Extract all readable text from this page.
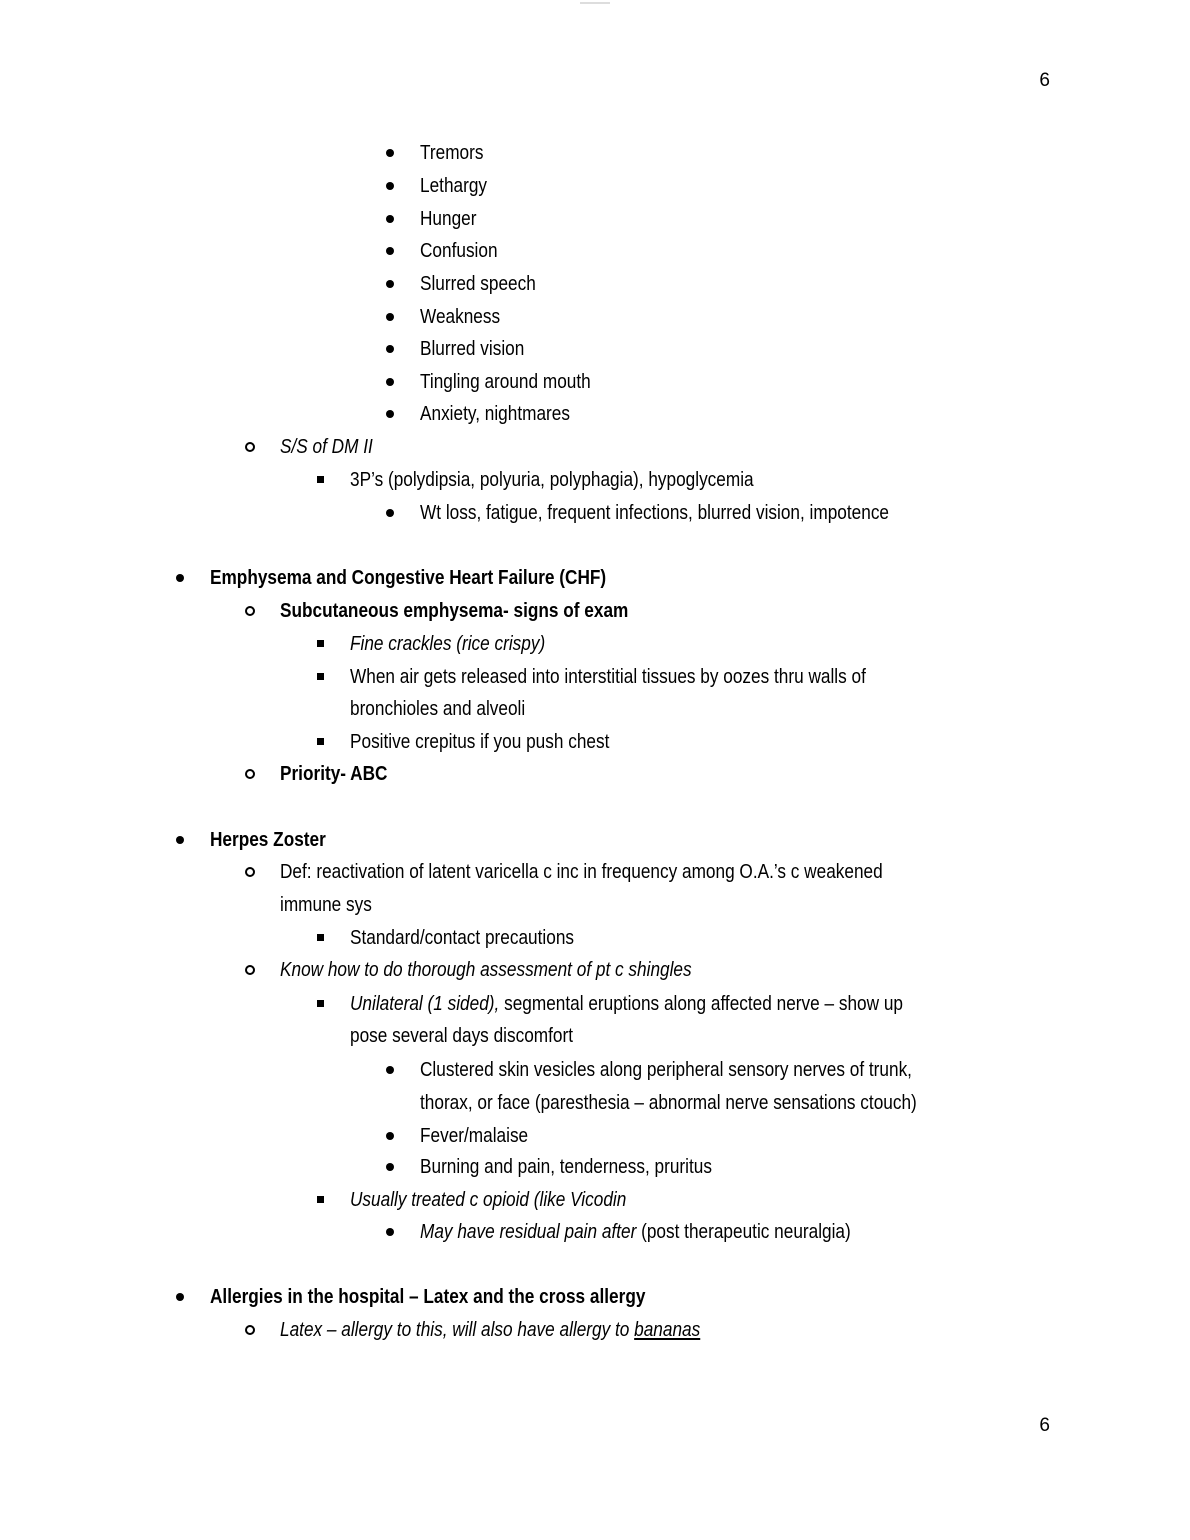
6
Tremors
Lethargy
Hunger
Confusion
Slurred speech
Weakness
Blurred vision
Tingling around mouth
Anxiety, nightmares
S/S of DM II
3P’s (polydipsia, polyuria, polyphagia), hypoglycemia
Wt loss, fatigue, frequent infections, blurred vision, impotence
Emphysema and Congestive Heart Failure (CHF)
Subcutaneous emphysema- signs of exam
Fine crackles (rice crispy)
When air gets released into interstitial tissues by oozes thru walls of
bronchioles and alveoli
Positive crepitus if you push chest
Priority- ABC
Herpes Zoster
Def: reactivation of latent varicella c inc in frequency among O.A.’s c weakened
immune sys
Standard/contact precautions
Know how to do thorough assessment of pt c shingles
Unilateral (1 sided), segmental eruptions along affected nerve – show up
pose several days discomfort
Clustered skin vesicles along peripheral sensory nerves of trunk,
thorax, or face (paresthesia – abnormal nerve sensations ctouch)
Fever/malaise
Burning and pain, tenderness, pruritus
Usually treated c opioid (like Vicodin
May have residual pain after (post therapeutic neuralgia)
Allergies in the hospital – Latex and the cross allergy
Latex – allergy to this, will also have allergy to bananas
6
